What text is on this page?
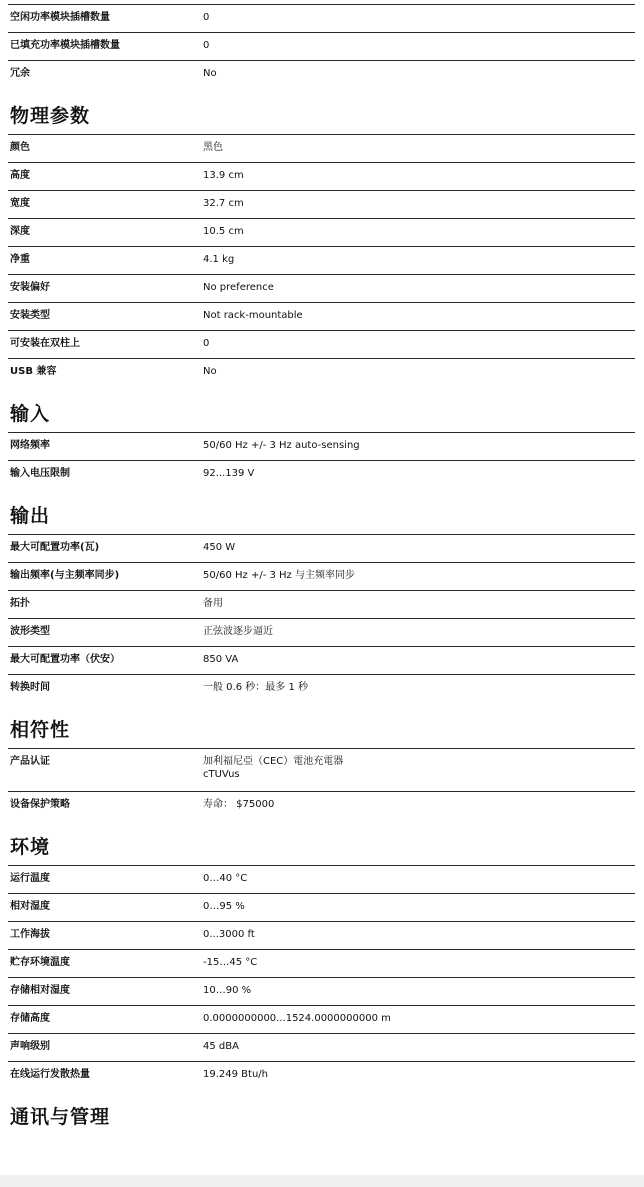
空闲功率模块插槽数量	0
已填充功率模块插槽数量	0
冗余	No
物理参数
颜色	黑色
高度	13.9 cm
宽度	32.7 cm
深度	10.5 cm
净重	4.1 kg
安装偏好	No preference
安装类型	Not rack-mountable
可安装在双柱上	0
USB 兼容	No
输入
网络频率	50/60 Hz +/- 3 Hz auto-sensing
输入电压限制	92...139 V
输出
最大可配置功率(瓦)	450 W
输出频率(与主频率同步)	50/60 Hz +/- 3 Hz 与主频率同步
拓扑	备用
波形类型	正弦波逐步逼近
最大可配置功率（伏安）	850 VA
转换时间	一般 0.6 秒：最多 1 秒
相符性
产品认证	加利福尼亞（CEC）電池充電器
cTUVus
设备保护策略	寿命： $75000
环境
运行温度	0…40 °C
相对湿度	0…95 %
工作海拔	0...3000 ft
贮存环境温度	-15…45 °C
存储相对湿度	10…90 %
存储高度	0.0000000000...1524.0000000000 m
声响级别	45 dBA
在线运行发散热量	19.249 Btu/h
通讯与管理
